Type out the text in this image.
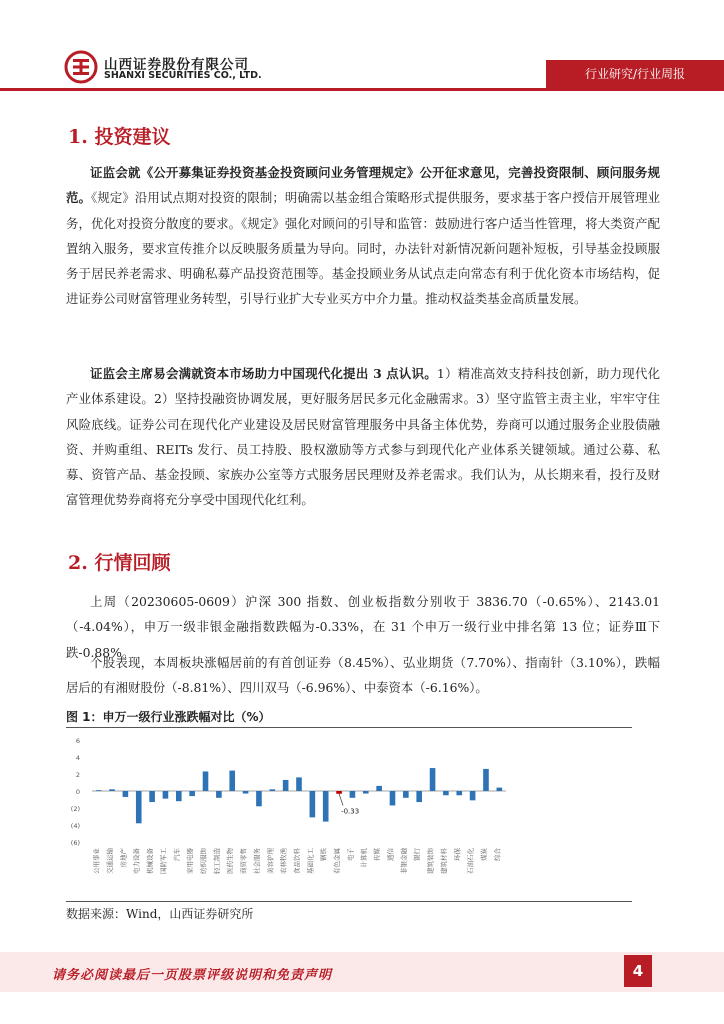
山西证券股份有限公司
SHANXI SECURITIES CO., LTD.	行业研究/行业周报
1. 投资建议

证监会就《公开募集证券投资基金投资顾问业务管理规定》公开征求意见，完善投资限制、顾问服务规范。《规定》沿用试点期对投资的限制；明确需以基金组合策略形式提供服务，要求基于客户授信开展管理业务，优化对投资分散度的要求。《规定》强化对顾问的引导和监管：鼓励进行客户适当性管理，将大类资产配置纳入服务，要求宣传推介以反映服务质量为导向。同时，办法针对新情况新问题补短板，引导基金投顾服务于居民养老需求、明确私募产品投资范围等。基金投顾业务从试点走向常态有利于优化资本市场结构，促进证券公司财富管理业务转型，引导行业扩大专业买方中介力量。推动权益类基金高质量发展。

证监会主席易会满就资本市场助力中国现代化提出 3 点认识。1）精准高效支持科技创新，助力现代化产业体系建设。2）坚持投融资协调发展，更好服务居民多元化金融需求。3）坚守监管主责主业，牢牢守住风险底线。证券公司在现代化产业建设及居民财富管理服务中具备主体优势，券商可以通过服务企业股债融资、并购重组、REITs 发行、员工持股、股权激励等方式参与到现代化产业体系关键领域。通过公募、私募、资管产品、基金投顾、家族办公室等方式服务居民理财及养老需求。我们认为，从长期来看，投行及财富管理优势券商将充分享受中国现代化红利。

2. 行情回顾

上周（20230605-0609）沪深 300 指数、创业板指数分别收于 3836.70（-0.65%）、2143.01（-4.04%），申万一级非银金融指数跌幅为-0.33%，在 31 个申万一级行业中排名第 13 位；证券Ⅲ下跌-0.88%。

个股表现，本周板块涨幅居前的有首创证券（8.45%）、弘业期货（7.70%）、指南针（3.10%），跌幅居后的有湘财股份（-8.81%）、四川双马（-6.96%）、中泰资本（-6.16%）。

图 1：申万一级行业涨跌幅对比（%）
6
4
2
0
(2)
(4)
(6)
公用事业 交通运输 房地产 电力设备 机械设备 国防军工 汽车 家用电器 纺织服饰 轻工制造 医药生物 商贸零售 社会服务 美容护理 农林牧渔 食品饮料 基础化工 钢铁 有色金属 电子 计算机 传媒 通信 非银金融 银行 建筑装饰 建筑材料 环保 石油石化 煤炭 综合
-0.33
数据来源：Wind，山西证券研究所
请务必阅读最后一页股票评级说明和免责声明	4
